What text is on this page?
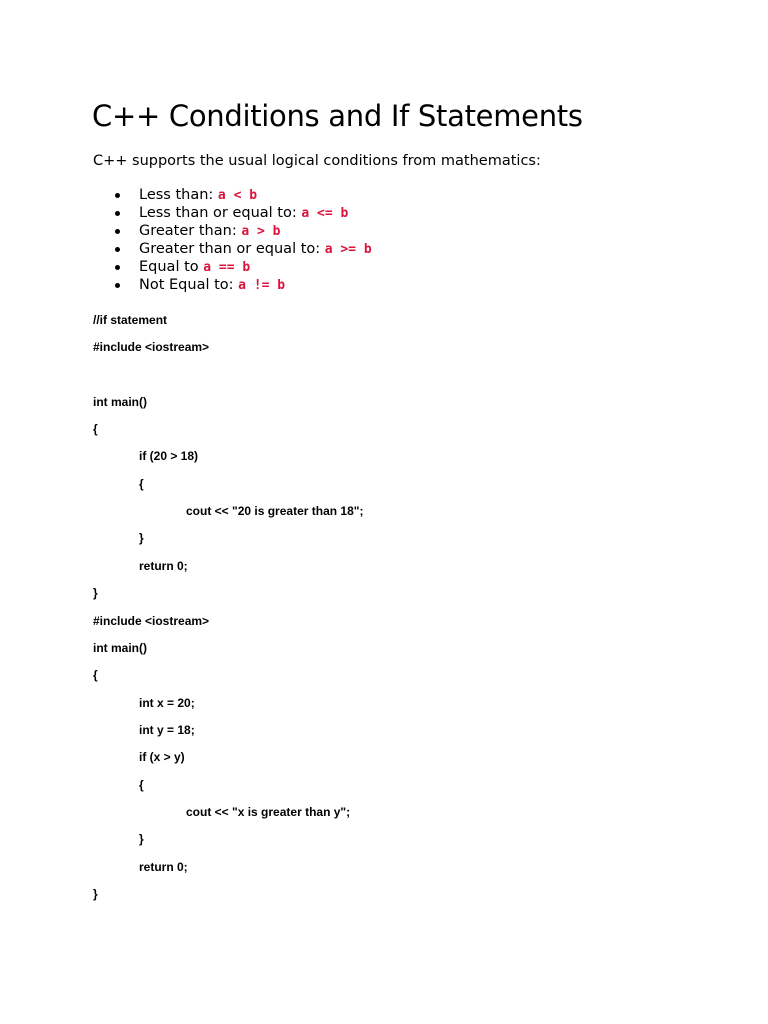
C++ Conditions and If Statements

C++ supports the usual logical conditions from mathematics:

Less than: a < b
Less than or equal to: a <= b
Greater than: a > b
Greater than or equal to: a >= b
Equal to a == b
Not Equal to: a != b

//if statement

#include <iostream>

int main()

{

if (20 > 18)

{

cout << "20 is greater than 18";

}

return 0;

}

#include <iostream>

int main()

{

int x = 20;

int y = 18;

if (x > y)

{

cout << "x is greater than y";

}

return 0;

}
